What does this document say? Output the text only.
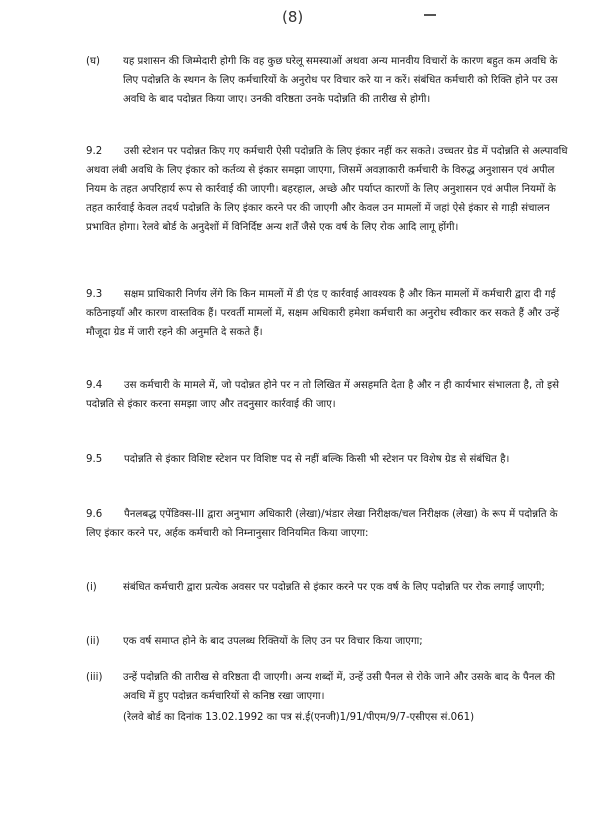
(8)
(घ) यह प्रशासन की जिम्मेदारी होगी कि वह कुछ घरेलू समस्याओं अथवा अन्य मानवीय विचारों के कारण बहुत कम अवधि के लिए पदोन्नति के स्थगन के लिए कर्मचारियों के अनुरोध पर विचार करे या न करें। संबंधित कर्मचारी को रिक्ति होने पर उस अवधि के बाद पदोन्नत किया जाए। उनकी वरिष्ठता उनके पदोन्नति की तारीख से होगी।
9.2	उसी स्टेशन पर पदोन्नत किए गए कर्मचारी ऐसी पदोन्नति के लिए इंकार नहीं कर सकते। उच्चतर ग्रेड में पदोन्नति से अल्पावधि अथवा लंबी अवधि के लिए इंकार को कर्तव्य से इंकार समझा जाएगा, जिसमें अवज्ञाकारी कर्मचारी के विरुद्ध अनुशासन एवं अपील नियम के तहत अपरिहार्य रूप से कार्रवाई की जाएगी। बहरहाल, अच्छे और पर्याप्त कारणों के लिए अनुशासन एवं अपील नियमों के तहत कार्रवाई केवल तदर्थ पदोन्नति के लिए इंकार करने पर की जाएगी और केवल उन मामलों में जहां ऐसे इंकार से गाड़ी संचालन प्रभावित होगा। रेलवे बोर्ड के अनुदेशों में विनिर्दिष्ट अन्य शर्तें जैसे एक वर्ष के लिए रोक आदि लागू होंगी।
9.3	सक्षम प्राधिकारी निर्णय लेंगे कि किन मामलों में डी एंड ए कार्रवाई आवश्यक है और किन मामलों में कर्मचारी द्वारा दी गई कठिनाइयाँ और कारण वास्तविक हैं। परवर्ती मामलों में, सक्षम अधिकारी हमेशा कर्मचारी का अनुरोध स्वीकार कर सकते हैं और उन्हें मौजूदा ग्रेड में जारी रहने की अनुमति दे सकते हैं।
9.4	उस कर्मचारी के मामले में, जो पदोन्नत होने पर न तो लिखित में असहमति देता है और न ही कार्यभार संभालता है, तो इसे पदोन्नति से इंकार करना समझा जाए और तदनुसार कार्रवाई की जाए।
9.5	पदोन्नति से इंकार विशिष्ट स्टेशन पर विशिष्ट पद से नहीं बल्कि किसी भी स्टेशन पर विशेष ग्रेड से संबंधित है।
9.6	पैनलबद्ध एपेंडिक्स-III द्वारा अनुभाग अधिकारी (लेखा)/भंडार लेखा निरीक्षक/चल निरीक्षक (लेखा) के रूप में पदोन्नति के लिए इंकार करने पर, अर्हक कर्मचारी को निम्नानुसार विनियमित किया जाएगा:
(i)	संबंधित कर्मचारी द्वारा प्रत्येक अवसर पर पदोन्नति से इंकार करने पर एक वर्ष के लिए पदोन्नति पर रोक लगाई जाएगी;
(ii) एक वर्ष समाप्त होने के बाद उपलब्ध रिक्तियों के लिए उन पर विचार किया जाएगा;
(iii) उन्हें पदोन्नति की तारीख से वरिष्ठता दी जाएगी। अन्य शब्दों में, उन्हें उसी पैनल से रोके जाने और उसके बाद के पैनल की अवधि में हुए पदोन्नत कर्मचारियों से कनिष्ठ रखा जाएगा।
(रेलवे बोर्ड का दिनांक 13.02.1992 का पत्र सं.ई(एनजी)1/91/पीएम/9/7-एसीएस सं.061)
